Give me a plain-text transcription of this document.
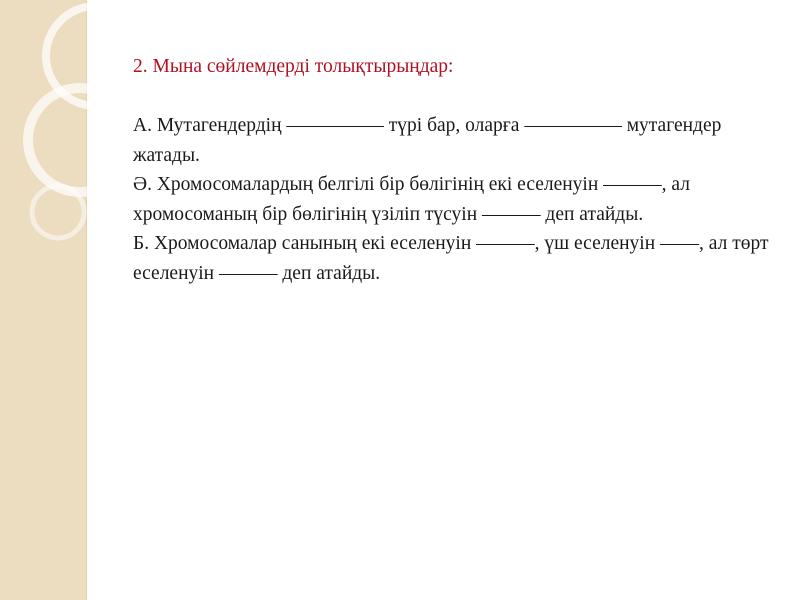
2. Мына сөйлемдерді толықтырыңдар:

А. Мутагендердің ————— түрі бар, оларға ————— мутагендер жатады.

Ә. Хромосомалардың белгілі бір бөлігінің екі еселенуін ———, ал хромосоманың бір бөлігінің үзіліп түсуін ——— деп атайды.

Б. Хромосомалар санының екі еселенуін ———, үш еселенуін ——, ал төрт еселенуін ——— деп атайды.
